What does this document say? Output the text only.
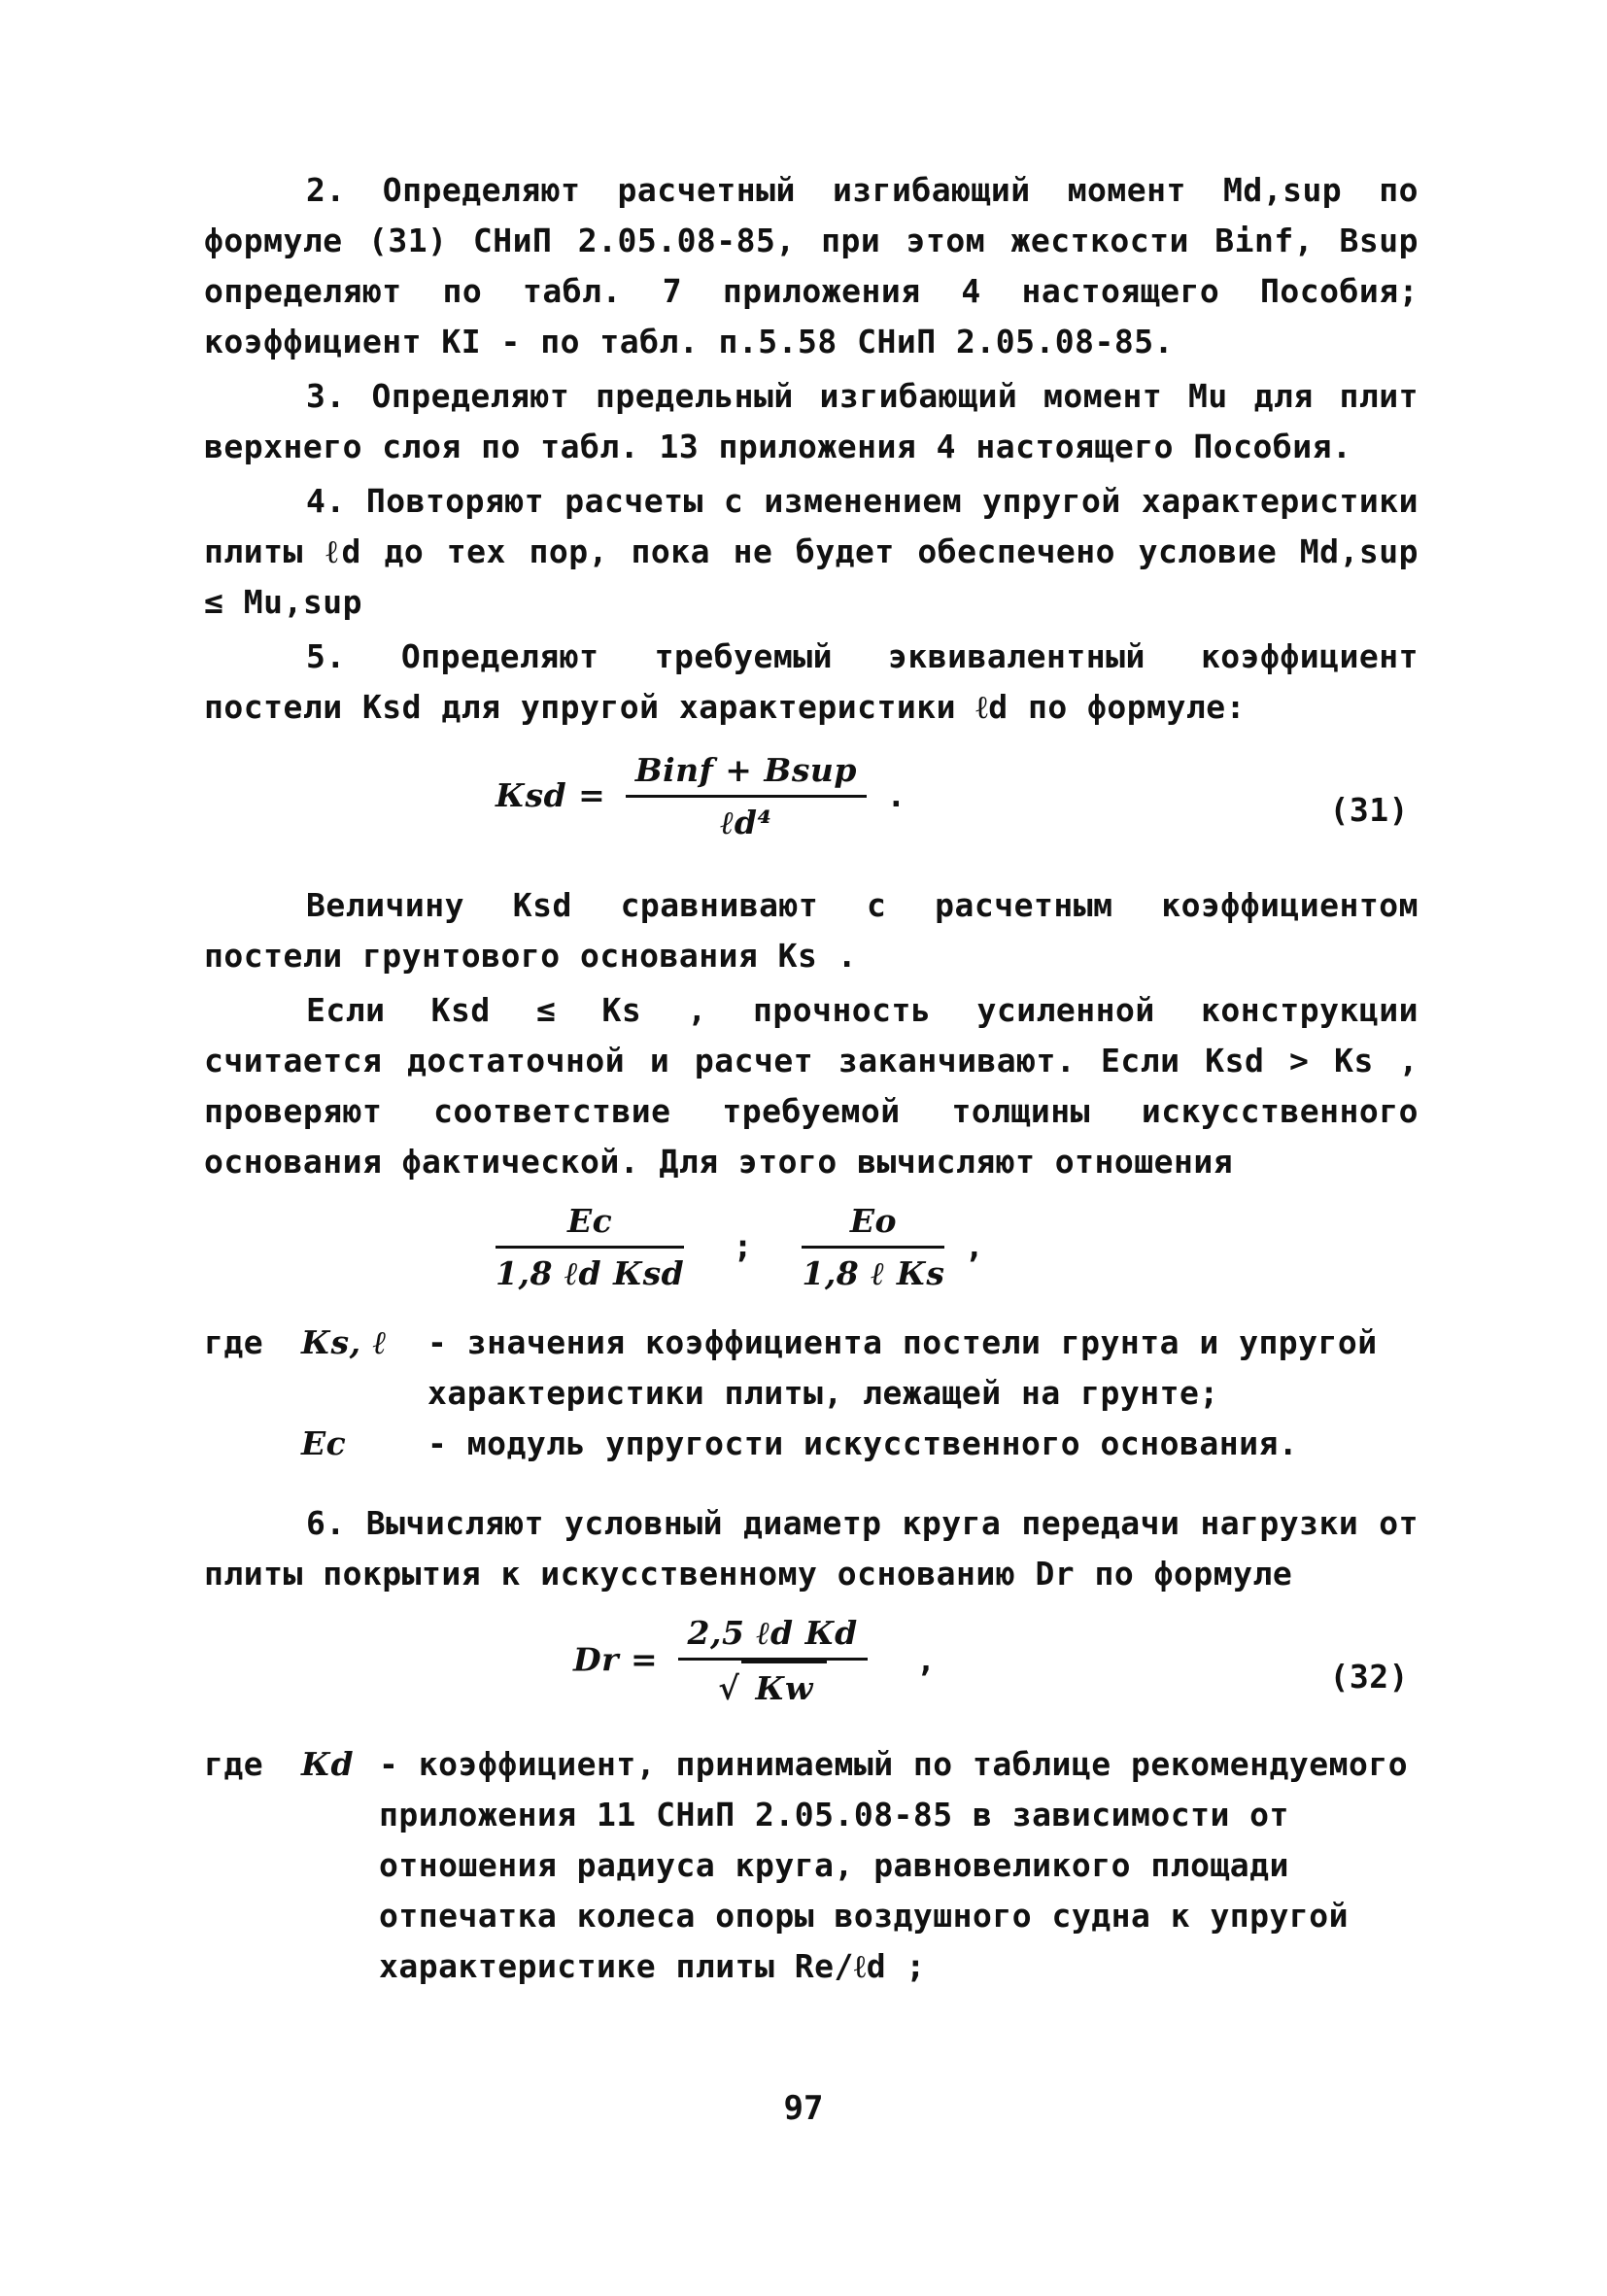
2. Определяют расчетный изгибающий момент Md,sup по формуле (31) СНиП 2.05.08-85, при этом жесткости Binf, Bsup определяют по табл. 7 приложения 4 настоящего Пособия; коэффициент КI - по табл. п.5.58 СНиП 2.05.08-85.

3. Определяют предельный изгибающий момент Mu для плит верхнего слоя по табл. 13 приложения 4 настоящего Пособия.

4. Повторяют расчеты с изменением упругой характеристики плиты ℓd до тех пор, пока не будет обеспечено условие Md,sup ≤ Mu,sup

5. Определяют требуемый эквивалентный коэффициент постели Кsd для упругой характеристики ℓd по формуле:

Кsd = $\frac{\text{Binf + Bsup}}{\text{ℓd⁴}}$ .	(31)

Величину Кsd сравнивают с расчетным коэффициентом постели грунтового основания Кs .

Если Кsd ≤ Кs , прочность усиленной конструкции считается достаточной и расчет заканчивают. Если Кsd > Кs , проверяют соответствие требуемой толщины искусственного основания фактической. Для этого вычисляют отношения

$\frac{Ec}{\text{1,8 ℓd Кsd}}$ ; $\frac{Eo}{\text{1,8 ℓ Кs}}$ ,
где	Кs, ℓ	- значения коэффициента постели грунта и упругой характеристики плиты, лежащей на грунте;
Ec	- модуль упругости искусственного основания.

6. Вычисляют условный диаметр круга передачи нагрузки от плиты покрытия к искусственному основанию Dr по формуле

$Dr = \frac{\text{2,5 ℓd Кd}}{√ Кw}$ ,	(32)
где	Кd - коэффициент, принимаемый по таблице рекомендуемого приложения 11 СНиП 2.05.08-85 в зависимости от отношения радиуса круга, равновеликого площади отпечатка колеса опоры воздушного судна к упругой характеристике плиты Re/ℓd ;
97
